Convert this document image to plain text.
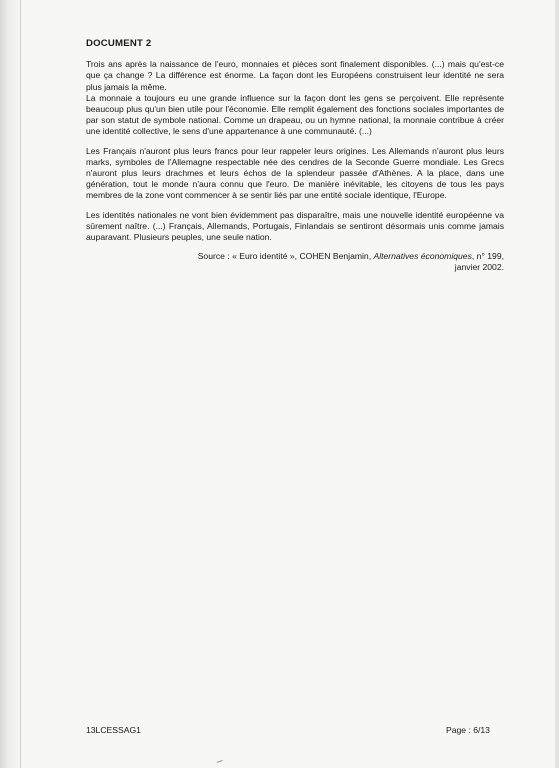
DOCUMENT 2

Trois ans après la naissance de l'euro, monnaies et pièces sont finalement disponibles. (...) mais qu'est-ce que ça change ? La différence est énorme. La façon dont les Européens construisent leur identité ne sera plus jamais la même.

La monnaie a toujours eu une grande influence sur la façon dont les gens se perçoivent. Elle représente beaucoup plus qu'un bien utile pour l'économie. Elle remplit également des fonctions sociales importantes de par son statut de symbole national. Comme un drapeau, ou un hymne national, la monnaie contribue à créer une identité collective, le sens d'une appartenance à une communauté. (...)

Les Français n'auront plus leurs francs pour leur rappeler leurs origines. Les Allemands n'auront plus leurs marks, symboles de l'Allemagne respectable née des cendres de la Seconde Guerre mondiale. Les Grecs n'auront plus leurs drachmes et leurs échos de la splendeur passée d'Athènes. A la place, dans une génération, tout le monde n'aura connu que l'euro. De manière inévitable, les citoyens de tous les pays membres de la zone vont commencer à se sentir liés par une entité sociale identique, l'Europe.

Les identités nationales ne vont bien évidemment pas disparaître, mais une nouvelle identité européenne va sûrement naître. (...) Français, Allemands, Portugais, Finlandais se sentiront désormais unis comme jamais auparavant. Plusieurs peuples, une seule nation.

Source : « Euro identité », COHEN Benjamin, Alternatives économiques, n° 199,
janvier 2002.

13LCESSAG1	Page : 6/13
